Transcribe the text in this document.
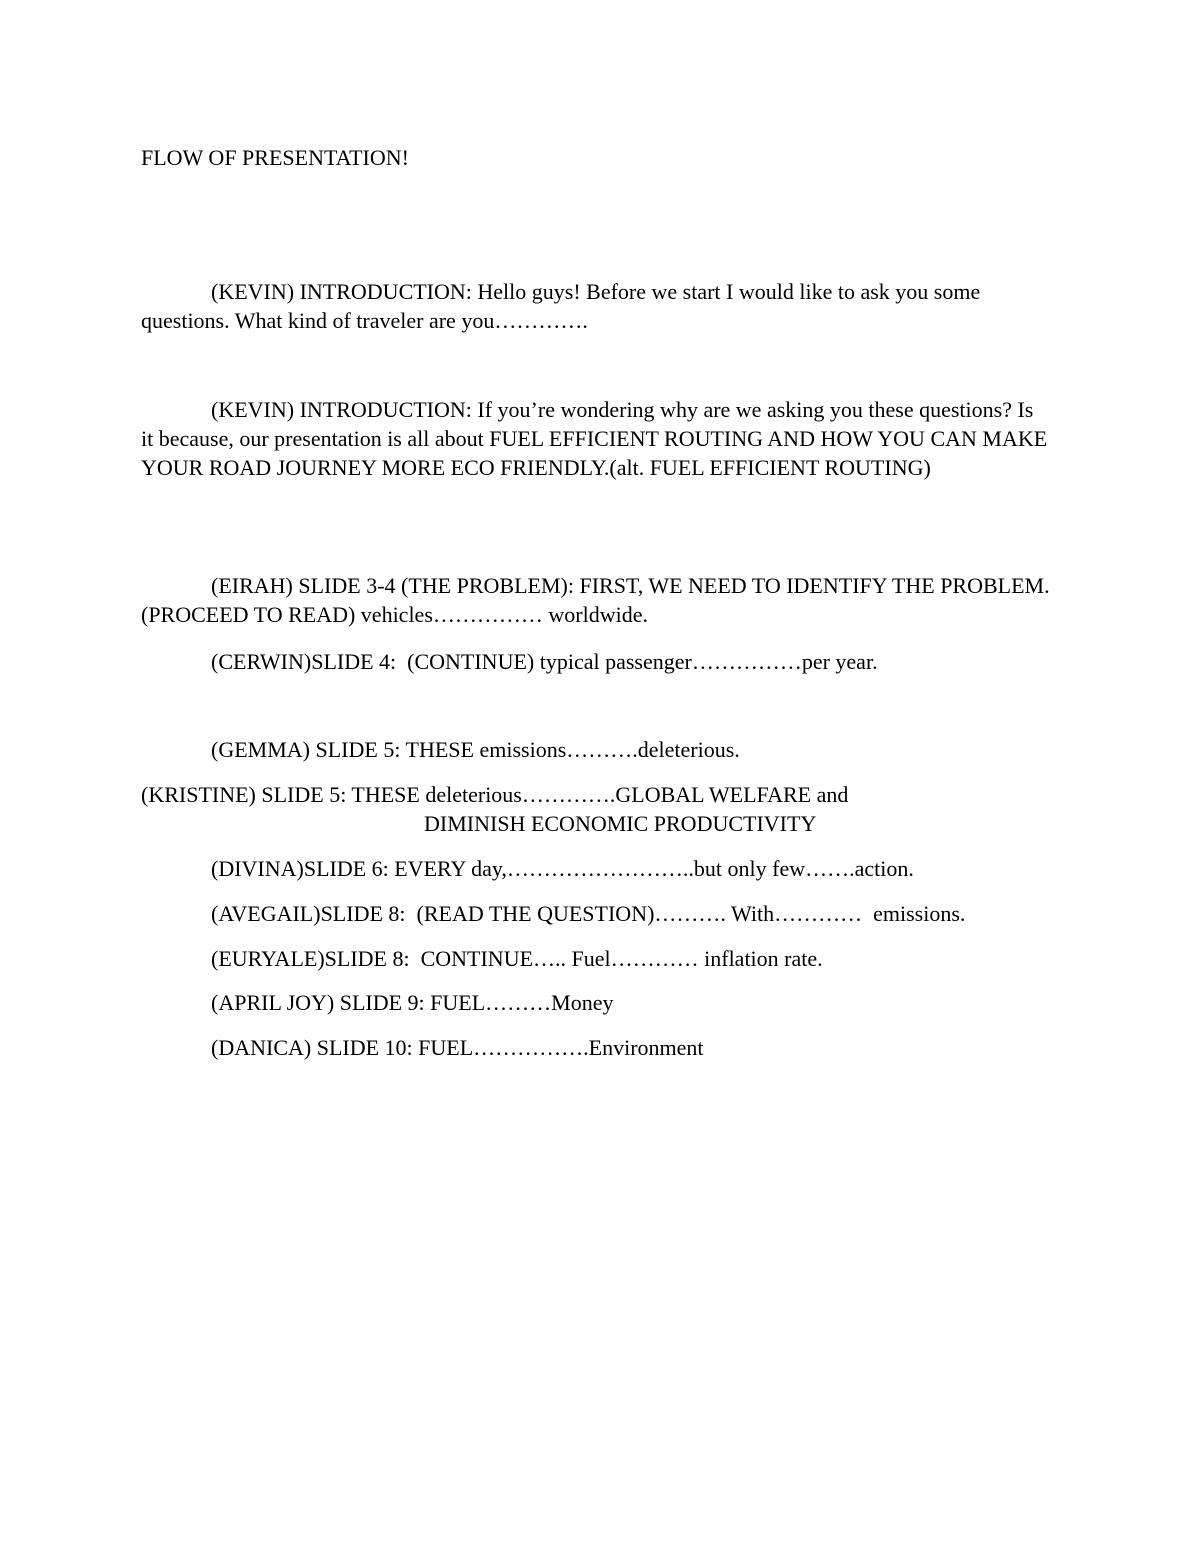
FLOW OF PRESENTATION!
(KEVIN) INTRODUCTION: Hello guys! Before we start I would like to ask you some questions. What kind of traveler are you………….
(KEVIN) INTRODUCTION: If you’re wondering why are we asking you these questions? Is it because, our presentation is all about FUEL EFFICIENT ROUTING AND HOW YOU CAN MAKE YOUR ROAD JOURNEY MORE ECO FRIENDLY.(alt. FUEL EFFICIENT ROUTING)
(EIRAH) SLIDE 3-4 (THE PROBLEM): FIRST, WE NEED TO IDENTIFY THE PROBLEM. (PROCEED TO READ) vehicles…………… worldwide.
(CERWIN)SLIDE 4:  (CONTINUE) typical passenger……………per year.
(GEMMA) SLIDE 5: THESE emissions……….deleterious.
(KRISTINE) SLIDE 5: THESE deleterious………….GLOBAL WELFARE and
DIMINISH ECONOMIC PRODUCTIVITY
(DIVINA)SLIDE 6: EVERY day,……………………..but only few…….action.
(AVEGAIL)SLIDE 8:  (READ THE QUESTION)………. With…………  emissions.
(EURYALE)SLIDE 8:  CONTINUE….. Fuel………… inflation rate.
(APRIL JOY) SLIDE 9: FUEL………Money
(DANICA) SLIDE 10: FUEL…………….Environment
